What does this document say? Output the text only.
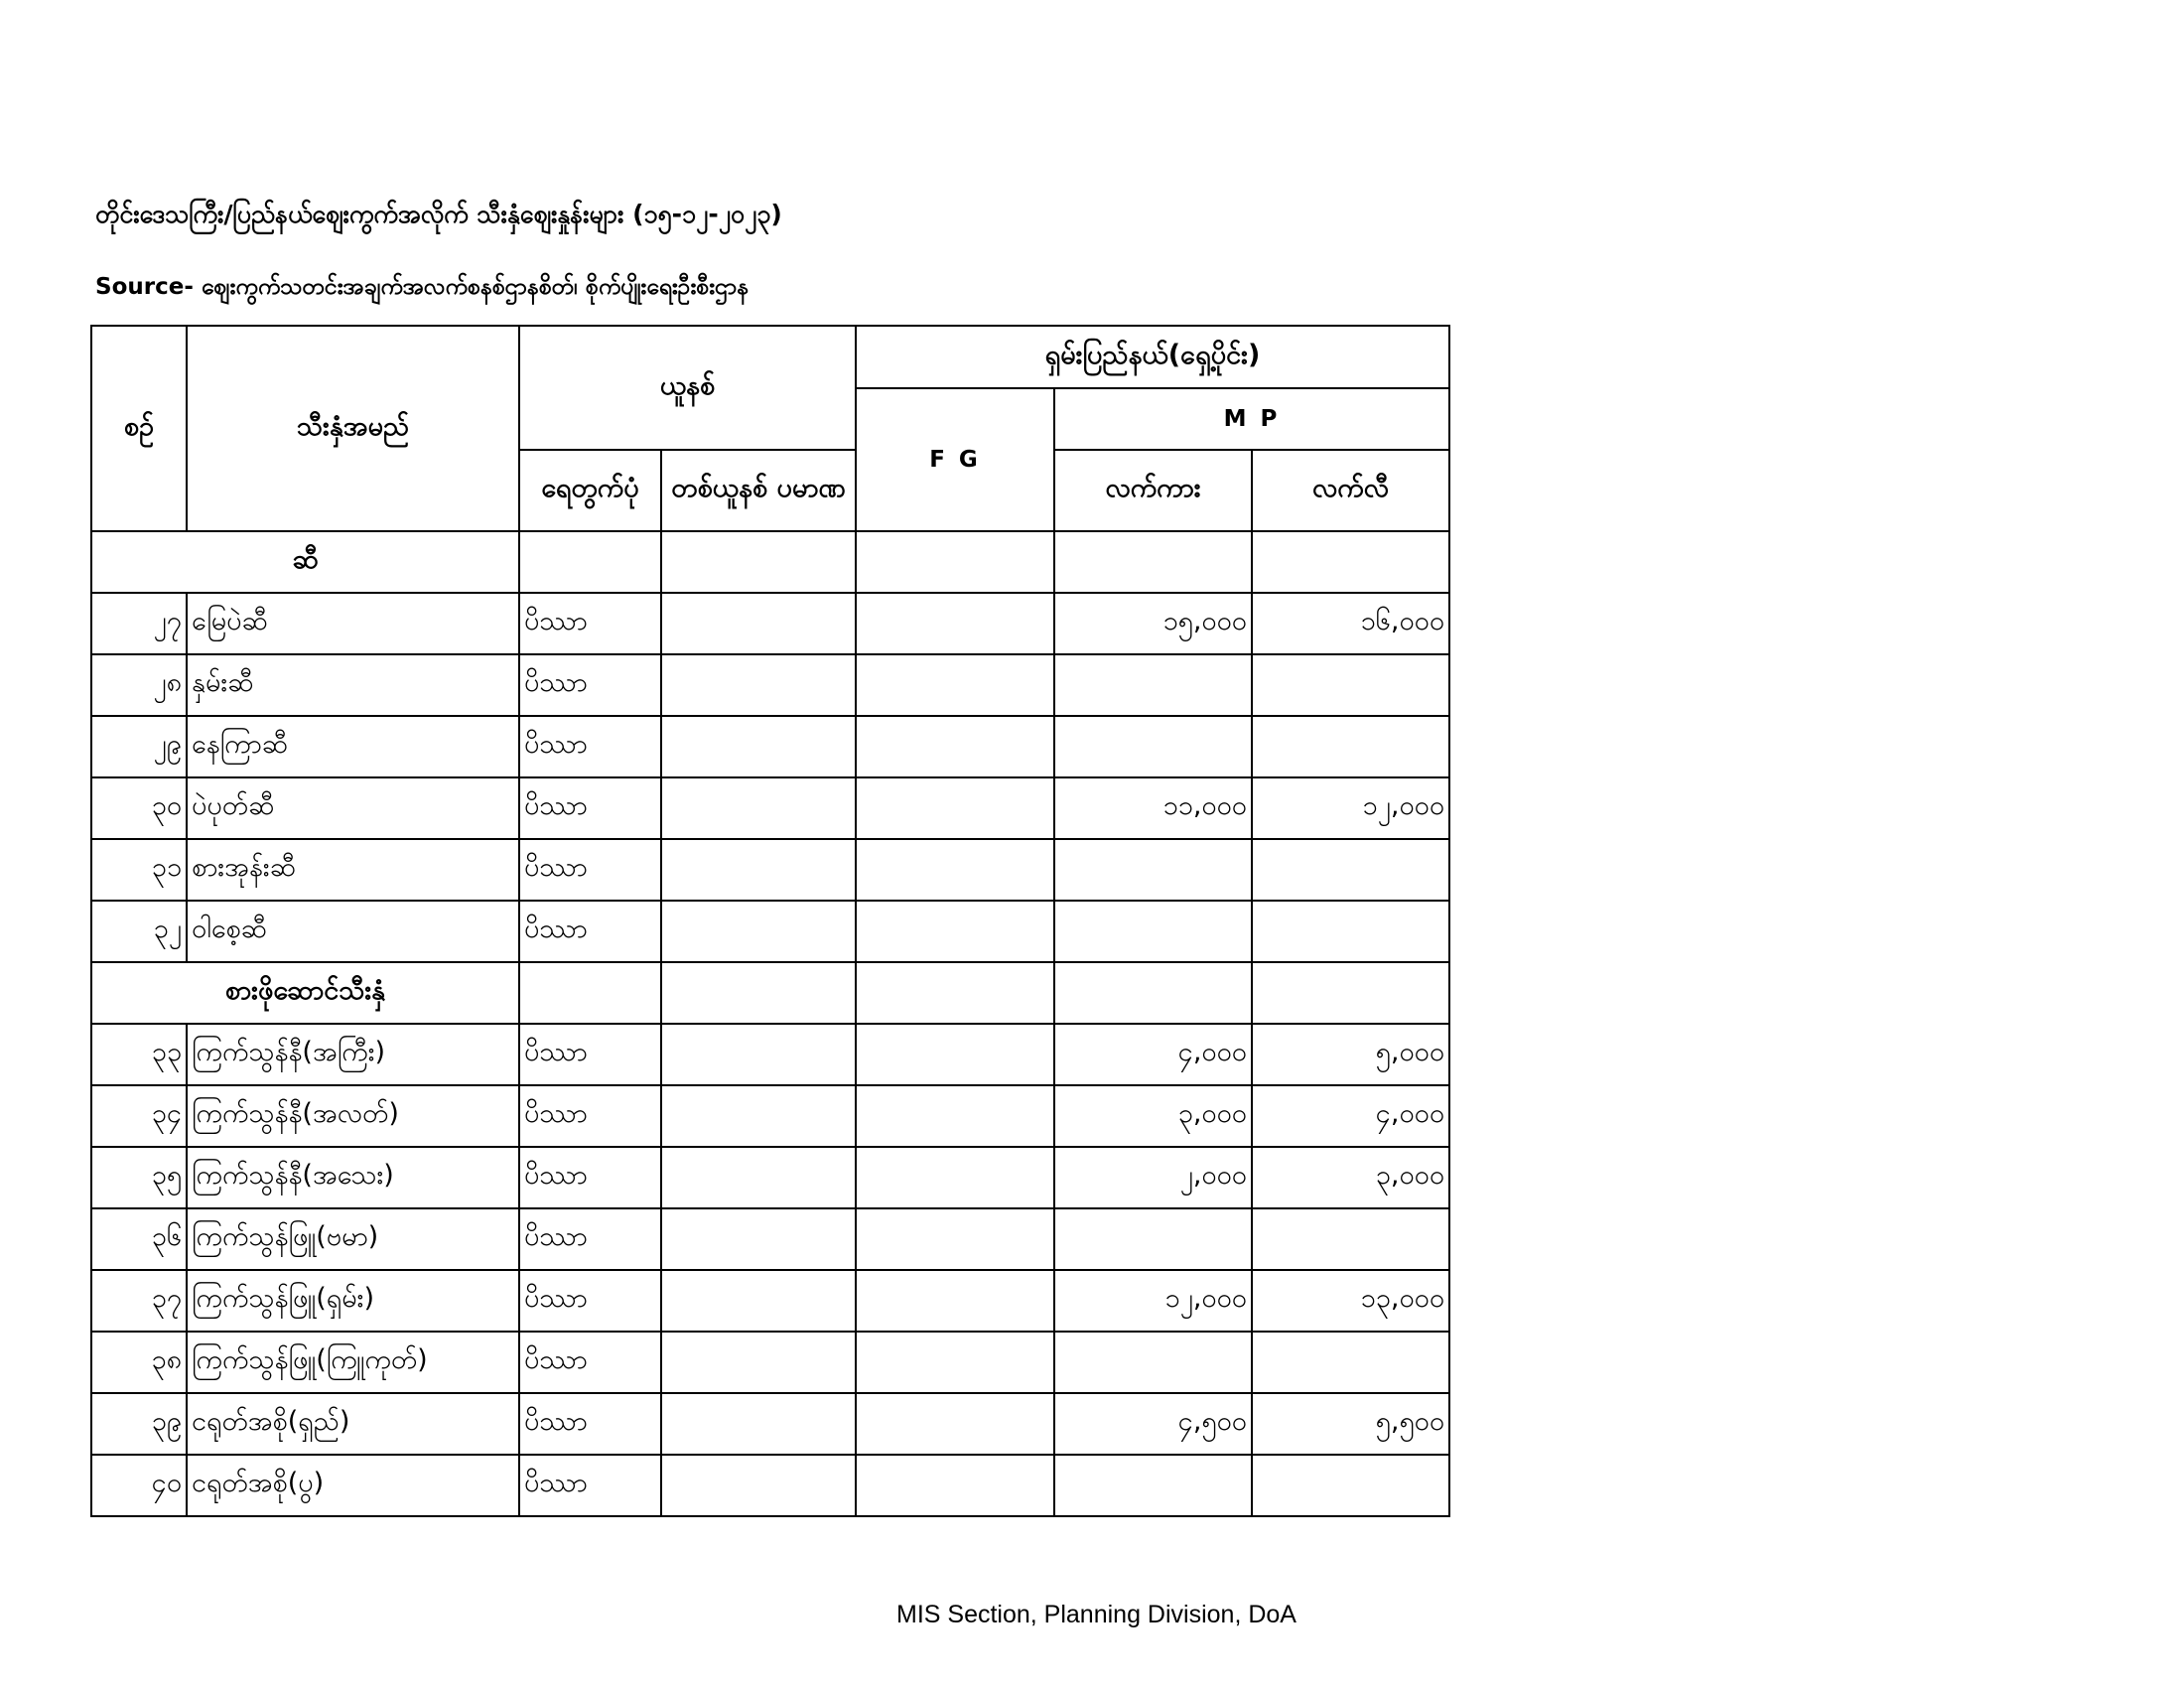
တိုင်းဒေသကြီး/ပြည်နယ်ဈေးကွက်အလိုက် သီးနှံဈေးနှုန်းများ (၁၅-၁၂-၂၀၂၃)
Source- ဈေးကွက်သတင်းအချက်အလက်စနစ်ဌာနစိတ်၊ စိုက်ပျိုးရေးဦးစီးဌာန
စဉ်	သီးနှံအမည်	ယူနစ်		ရှမ်းပြည်နယ်(ရှေ့ပိုင်း)		
				F G	M P	
		ရေတွက်ပုံ	တစ်ယူနစ် ပမာဏ		လက်ကား	လက်လီ
ဆီ						
၂၇	မြေပဲဆီ	ပိဿာ			၁၅,၀၀၀	၁၆,၀၀၀
၂၈	နှမ်းဆီ	ပိဿာ				
၂၉	နေကြာဆီ	ပိဿာ				
၃၀	ပဲပုတ်ဆီ	ပိဿာ			၁၁,၀၀၀	၁၂,၀၀၀
၃၁	စားအုန်းဆီ	ပိဿာ				
၃၂	ဝါစေ့ဆီ	ပိဿာ				
စားဖိုဆောင်သီးနှံ						
၃၃	ကြက်သွန်နီ(အကြီး)	ပိဿာ			၄,၀၀၀	၅,၀၀၀
၃၄	ကြက်သွန်နီ(အလတ်)	ပိဿာ			၃,၀၀၀	၄,၀၀၀
၃၅	ကြက်သွန်နီ(အသေး)	ပိဿာ			၂,၀၀၀	၃,၀၀၀
၃၆	ကြက်သွန်ဖြူ(ဗမာ)	ပိဿာ				
၃၇	ကြက်သွန်ဖြူ(ရှမ်း)	ပိဿာ			၁၂,၀၀၀	၁၃,၀၀၀
၃၈	ကြက်သွန်ဖြူ(ကြူကုတ်)	ပိဿာ				
၃၉	ငရုတ်အစို(ရှည်)	ပိဿာ			၄,၅၀၀	၅,၅၀၀
၄၀	ငရုတ်အစို(ပွ)	ပိဿာ				
MIS Section, Planning Division, DoA
